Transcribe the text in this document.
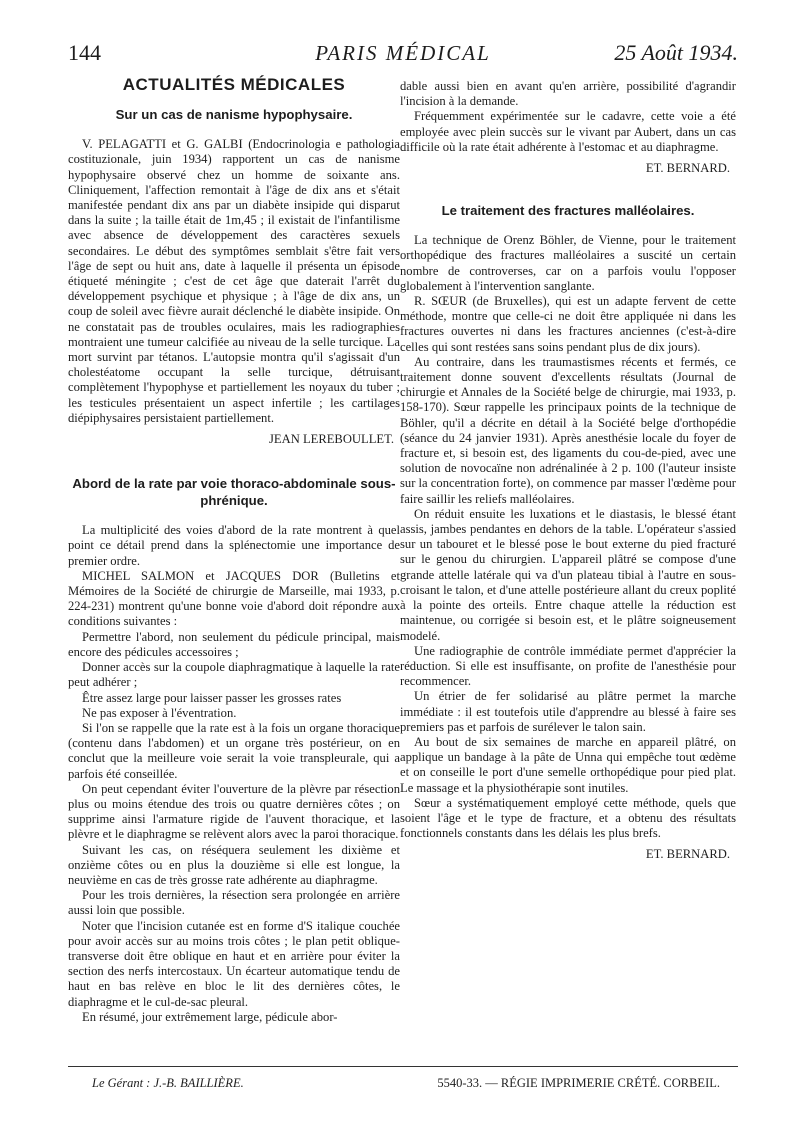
144	PARIS MÉDICAL	25 Août 1934.
ACTUALITÉS MÉDICALES
Sur un cas de nanisme hypophysaire.

V. PELAGATTI et G. GALBI (Endocrinologia e pathologia costituzionale, juin 1934) rapportent un cas de nanisme hypophysaire observé chez un homme de soixante ans. Cliniquement, l'affection remontait à l'âge de dix ans et s'était manifestée pendant dix ans par un diabète insipide qui disparut dans la suite ; la taille était de 1m,45 ; il existait de l'infantilisme avec absence de développement des caractères sexuels secondaires. Le début des symptômes semblait s'être fait vers l'âge de sept ou huit ans, date à laquelle il présenta un épisode étiqueté méningite ; c'est de cet âge que daterait l'arrêt du développement psychique et physique ; à l'âge de dix ans, un coup de soleil avec fièvre aurait déclenché le diabète insipide. On ne constatait pas de troubles oculaires, mais les radiographies montraient une tumeur calcifiée au niveau de la selle turcique. La mort survint par tétanos. L'autopsie montra qu'il s'agissait d'un cholestéatome occupant la selle turcique, détruisant complètement l'hypophyse et partiellement les noyaux du tuber ; les testicules présentaient un aspect infertile ; les cartilages diépiphysaires persistaient partiellement.

JEAN LEREBOULLET.
Abord de la rate par voie thoraco-abdominale sous-phrénique.

La multiplicité des voies d'abord de la rate montrent à quel point ce détail prend dans la splénectomie une importance de premier ordre.

MICHEL SALMON et JACQUES DOR (Bulletins et Mémoires de la Société de chirurgie de Marseille, mai 1933, p. 224-231) montrent qu'une bonne voie d'abord doit répondre aux conditions suivantes :

Permettre l'abord, non seulement du pédicule principal, mais encore des pédicules accessoires ;

Donner accès sur la coupole diaphragmatique à laquelle la rate peut adhérer ;

Être assez large pour laisser passer les grosses rates

Ne pas exposer à l'éventration.

Si l'on se rappelle que la rate est à la fois un organe thoracique (contenu dans l'abdomen) et un organe très postérieur, on en conclut que la meilleure voie serait la voie transpleurale, qui a parfois été conseillée.

On peut cependant éviter l'ouverture de la plèvre par résection plus ou moins étendue des trois ou quatre dernières côtes ; on supprime ainsi l'armature rigide de l'auvent thoracique, et la plèvre et le diaphragme se relèvent alors avec la paroi thoracique.

Suivant les cas, on réséquera seulement les dixième et onzième côtes ou en plus la douzième si elle est longue, la neuvième en cas de très grosse rate adhérente au diaphragme.

Pour les trois dernières, la résection sera prolongée en arrière aussi loin que possible.

Noter que l'incision cutanée est en forme d'S italique couchée pour avoir accès sur au moins trois côtes ; le plan petit oblique-transverse doit être oblique en haut et en arrière pour éviter la section des nerfs intercostaux. Un écarteur automatique tendu de haut en bas relève en bloc le lit des dernières côtes, le diaphragme et le cul-de-sac pleural.

En résumé, jour extrêmement large, pédicule abor-

dable aussi bien en avant qu'en arrière, possibilité d'agrandir l'incision à la demande.

Fréquemment expérimentée sur le cadavre, cette voie a été employée avec plein succès sur le vivant par Aubert, dans un cas difficile où la rate était adhérente à l'estomac et au diaphragme.

ET. BERNARD.
Le traitement des fractures malléolaires.

La technique de Orenz Böhler, de Vienne, pour le traitement orthopédique des fractures malléolaires a suscité un certain nombre de controverses, car on a parfois voulu l'opposer globalement à l'intervention sanglante.

R. SŒUR (de Bruxelles), qui est un adapte fervent de cette méthode, montre que celle-ci ne doit être appliquée ni dans les fractures ouvertes ni dans les fractures anciennes (c'est-à-dire celles qui sont restées sans soins pendant plus de dix jours).

Au contraire, dans les traumastismes récents et fermés, ce traitement donne souvent d'excellents résultats (Journal de chirurgie et Annales de la Société belge de chirurgie, mai 1933, p. 158-170). Sœur rappelle les principaux points de la technique de Böhler, qu'il a décrite en détail à la Société belge d'orthopédie (séance du 24 janvier 1931). Après anesthésie locale du foyer de fracture et, si besoin est, des ligaments du cou-de-pied, avec une solution de novocaïne non adrénalinée à 2 p. 100 (l'auteur insiste sur la concentration forte), on commence par masser l'œdème pour faire saillir les reliefs malléolaires.

On réduit ensuite les luxations et le diastasis, le blessé étant assis, jambes pendantes en dehors de la table. L'opérateur s'assied sur un tabouret et le blessé pose le bout externe du pied fracturé sur le genou du chirurgien. L'appareil plâtré se compose d'une grande attelle latérale qui va d'un plateau tibial à l'autre en sous-croisant le talon, et d'une attelle postérieure allant du creux poplité à la pointe des orteils. Entre chaque attelle la réduction est maintenue, ou corrigée si besoin est, et le plâtre soigneusement modelé.

Une radiographie de contrôle immédiate permet d'apprécier la réduction. Si elle est insuffisante, on profite de l'anesthésie pour recommencer.

Un étrier de fer solidarisé au plâtre permet la marche immédiate : il est toutefois utile d'apprendre au blessé à faire ses premiers pas et parfois de surélever le talon sain.

Au bout de six semaines de marche en appareil plâtré, on applique un bandage à la pâte de Unna qui empêche tout œdème et on conseille le port d'une semelle orthopédique pour pied plat. Le massage et la physiothérapie sont inutiles.

Sœur a systématiquement employé cette méthode, quels que soient l'âge et le type de fracture, et a obtenu des résultats fonctionnels constants dans les délais les plus brefs.

ET. BERNARD.
Le Gérant : J.-B. BAILLIÈRE.	5540-33. — RÉGIE IMPRIMERIE CRÉTÉ. CORBEIL.
